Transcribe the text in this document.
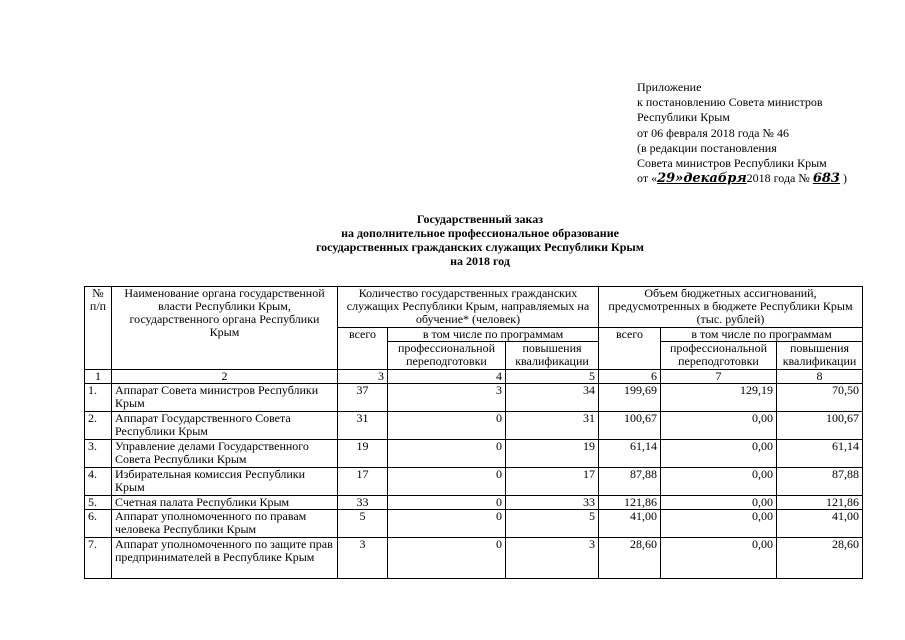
Приложение
к постановлению Совета министров
Республики Крым
от 06 февраля 2018 года № 46
(в редакции постановления
Совета министров Республики Крым
от «29»декабря2018 года № 683 )
Государственный заказ
на дополнительное профессиональное образование
государственных гражданских служащих Республики Крым
на 2018 год
№ п/п	Наименование органа государственной власти Республики Крым, государственного органа Республики Крым	Количество государственных гражданских служащих Республики Крым, направляемых на обучение* (человек)			Объем бюджетных ассигнований, предусмотренных в бюджете Республики Крым (тыс. рублей)		
		всего	в том числе по программам		всего	в том числе по программам	
			профессиональной переподготовки	повышения квалификации		профессиональной переподготовки	повышения квалификации
1	2	3	4	5	6	7	8
1.	Аппарат Совета министров Республики Крым	37	3	34	199,69	129,19	70,50
2.	Аппарат Государственного Совета Республики Крым	31	0	31	100,67	0,00	100,67
3.	Управление делами Государственного Совета Республики Крым	19	0	19	61,14	0,00	61,14
4.	Избирательная комиссия Республики Крым	17	0	17	87,88	0,00	87,88
5.	Счетная палата Республики Крым	33	0	33	121,86	0,00	121,86
6.	Аппарат уполномоченного по правам человека Республики Крым	5	0	5	41,00	0,00	41,00
7.	Аппарат уполномоченного по защите прав предпринимателей в Республике Крым	3	0	3	28,60	0,00	28,60
